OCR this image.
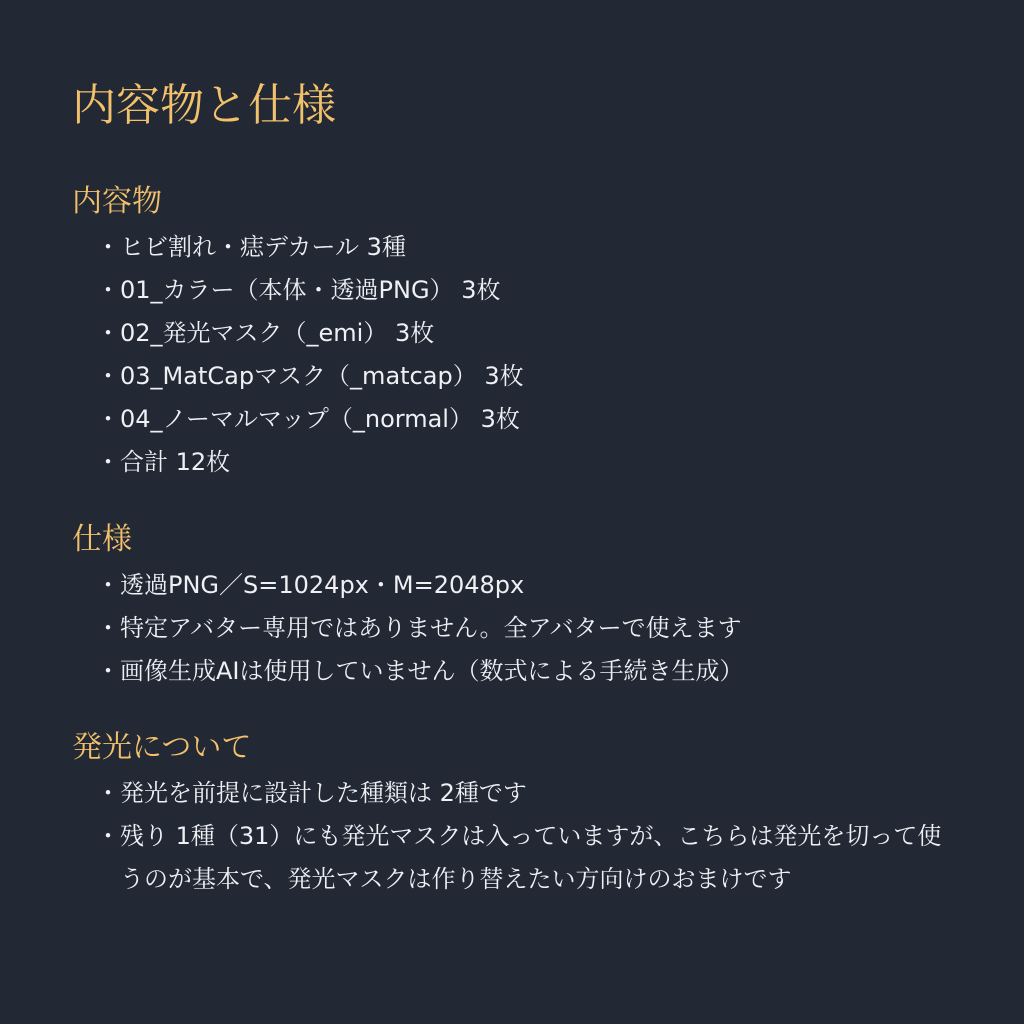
内容物と仕様
内容物
・ ヒビ割れ・痣デカール 3種
・ 01_カラー（本体・透過PNG） 3枚
・ 02_発光マスク（_emi） 3枚
・ 03_MatCapマスク（_matcap） 3枚
・ 04_ノーマルマップ（_normal） 3枚
・ 合計 12枚
仕様
・ 透過PNG／S=1024px・M=2048px
・ 特定アバター専用ではありません。全アバターで使えます
・ 画像生成AIは使用していません（数式による手続き生成）
発光について
・ 発光を前提に設計した種類は 2種です
・ 残り 1種（31）にも発光マスクは入っていますが、こちらは発光を切って使うのが基本で、発光マスクは作り替えたい方向けのおまけです
